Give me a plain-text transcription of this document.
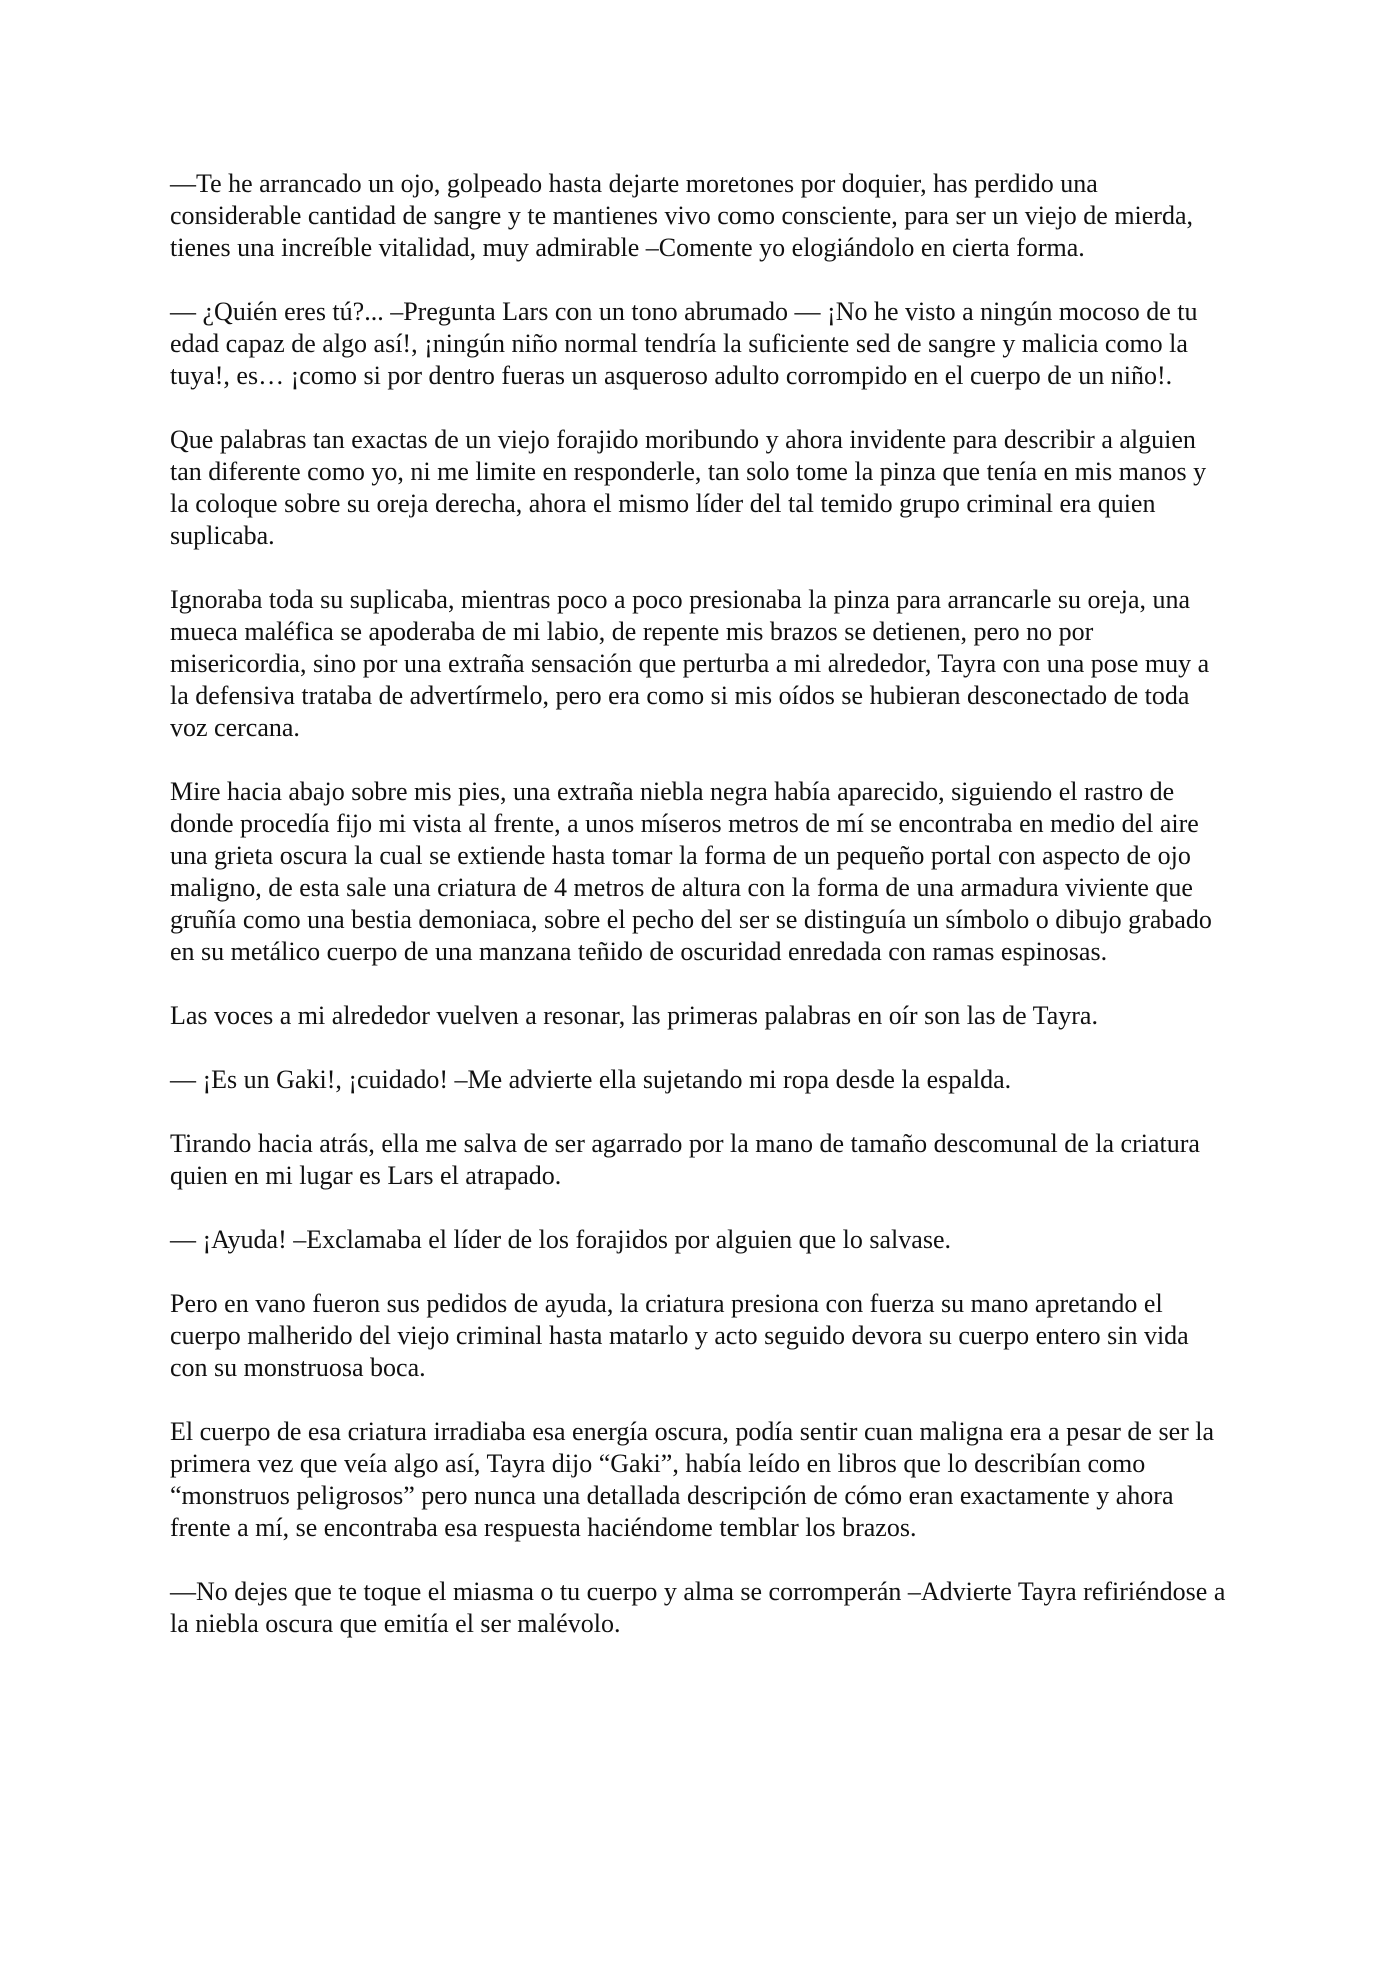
—Te he arrancado un ojo, golpeado hasta dejarte moretones por doquier, has perdido una considerable cantidad de sangre y te mantienes vivo como consciente, para ser un viejo de mierda, tienes una increíble vitalidad, muy admirable –Comente yo elogiándolo en cierta forma.

— ¿Quién eres tú?... –Pregunta Lars con un tono abrumado — ¡No he visto a ningún mocoso de tu edad capaz de algo así!, ¡ningún niño normal tendría la suficiente sed de sangre y malicia como la tuya!, es… ¡como si por dentro fueras un asqueroso adulto corrompido en el cuerpo de un niño!.

Que palabras tan exactas de un viejo forajido moribundo y ahora invidente para describir a alguien tan diferente como yo, ni me limite en responderle, tan solo tome la pinza que tenía en mis manos y la coloque sobre su oreja derecha, ahora el mismo líder del tal temido grupo criminal era quien suplicaba.

Ignoraba toda su suplicaba, mientras poco a poco presionaba la pinza para arrancarle su oreja, una mueca maléfica se apoderaba de mi labio, de repente mis brazos se detienen, pero no por misericordia, sino por una extraña sensación que perturba a mi alrededor, Tayra con una pose muy a la defensiva trataba de advertírmelo, pero era como si mis oídos se hubieran desconectado de toda voz cercana.

Mire hacia abajo sobre mis pies, una extraña niebla negra había aparecido, siguiendo el rastro de donde procedía fijo mi vista al frente, a unos míseros metros de mí se encontraba en medio del aire una grieta oscura la cual se extiende hasta tomar la forma de un pequeño portal con aspecto de ojo maligno, de esta sale una criatura de 4 metros de altura con la forma de una armadura viviente que gruñía como una bestia demoniaca, sobre el pecho del ser se distinguía un símbolo o dibujo grabado en su metálico cuerpo de una manzana teñido de oscuridad enredada con ramas espinosas.

Las voces a mi alrededor vuelven a resonar, las primeras palabras en oír son las de Tayra.

— ¡Es un Gaki!, ¡cuidado! –Me advierte ella sujetando mi ropa desde la espalda.

Tirando hacia atrás, ella me salva de ser agarrado por la mano de tamaño descomunal de la criatura quien en mi lugar es Lars el atrapado.

— ¡Ayuda! –Exclamaba el líder de los forajidos por alguien que lo salvase.

Pero en vano fueron sus pedidos de ayuda, la criatura presiona con fuerza su mano apretando el cuerpo malherido del viejo criminal hasta matarlo y acto seguido devora su cuerpo entero sin vida con su monstruosa boca.

El cuerpo de esa criatura irradiaba esa energía oscura, podía sentir cuan maligna era a pesar de ser la primera vez que veía algo así, Tayra dijo “Gaki”, había leído en libros que lo describían como “monstruos peligrosos” pero nunca una detallada descripción de cómo eran exactamente y ahora frente a mí, se encontraba esa respuesta haciéndome temblar los brazos.

—No dejes que te toque el miasma o tu cuerpo y alma se corromperán –Advierte Tayra refiriéndose a la niebla oscura que emitía el ser malévolo.
